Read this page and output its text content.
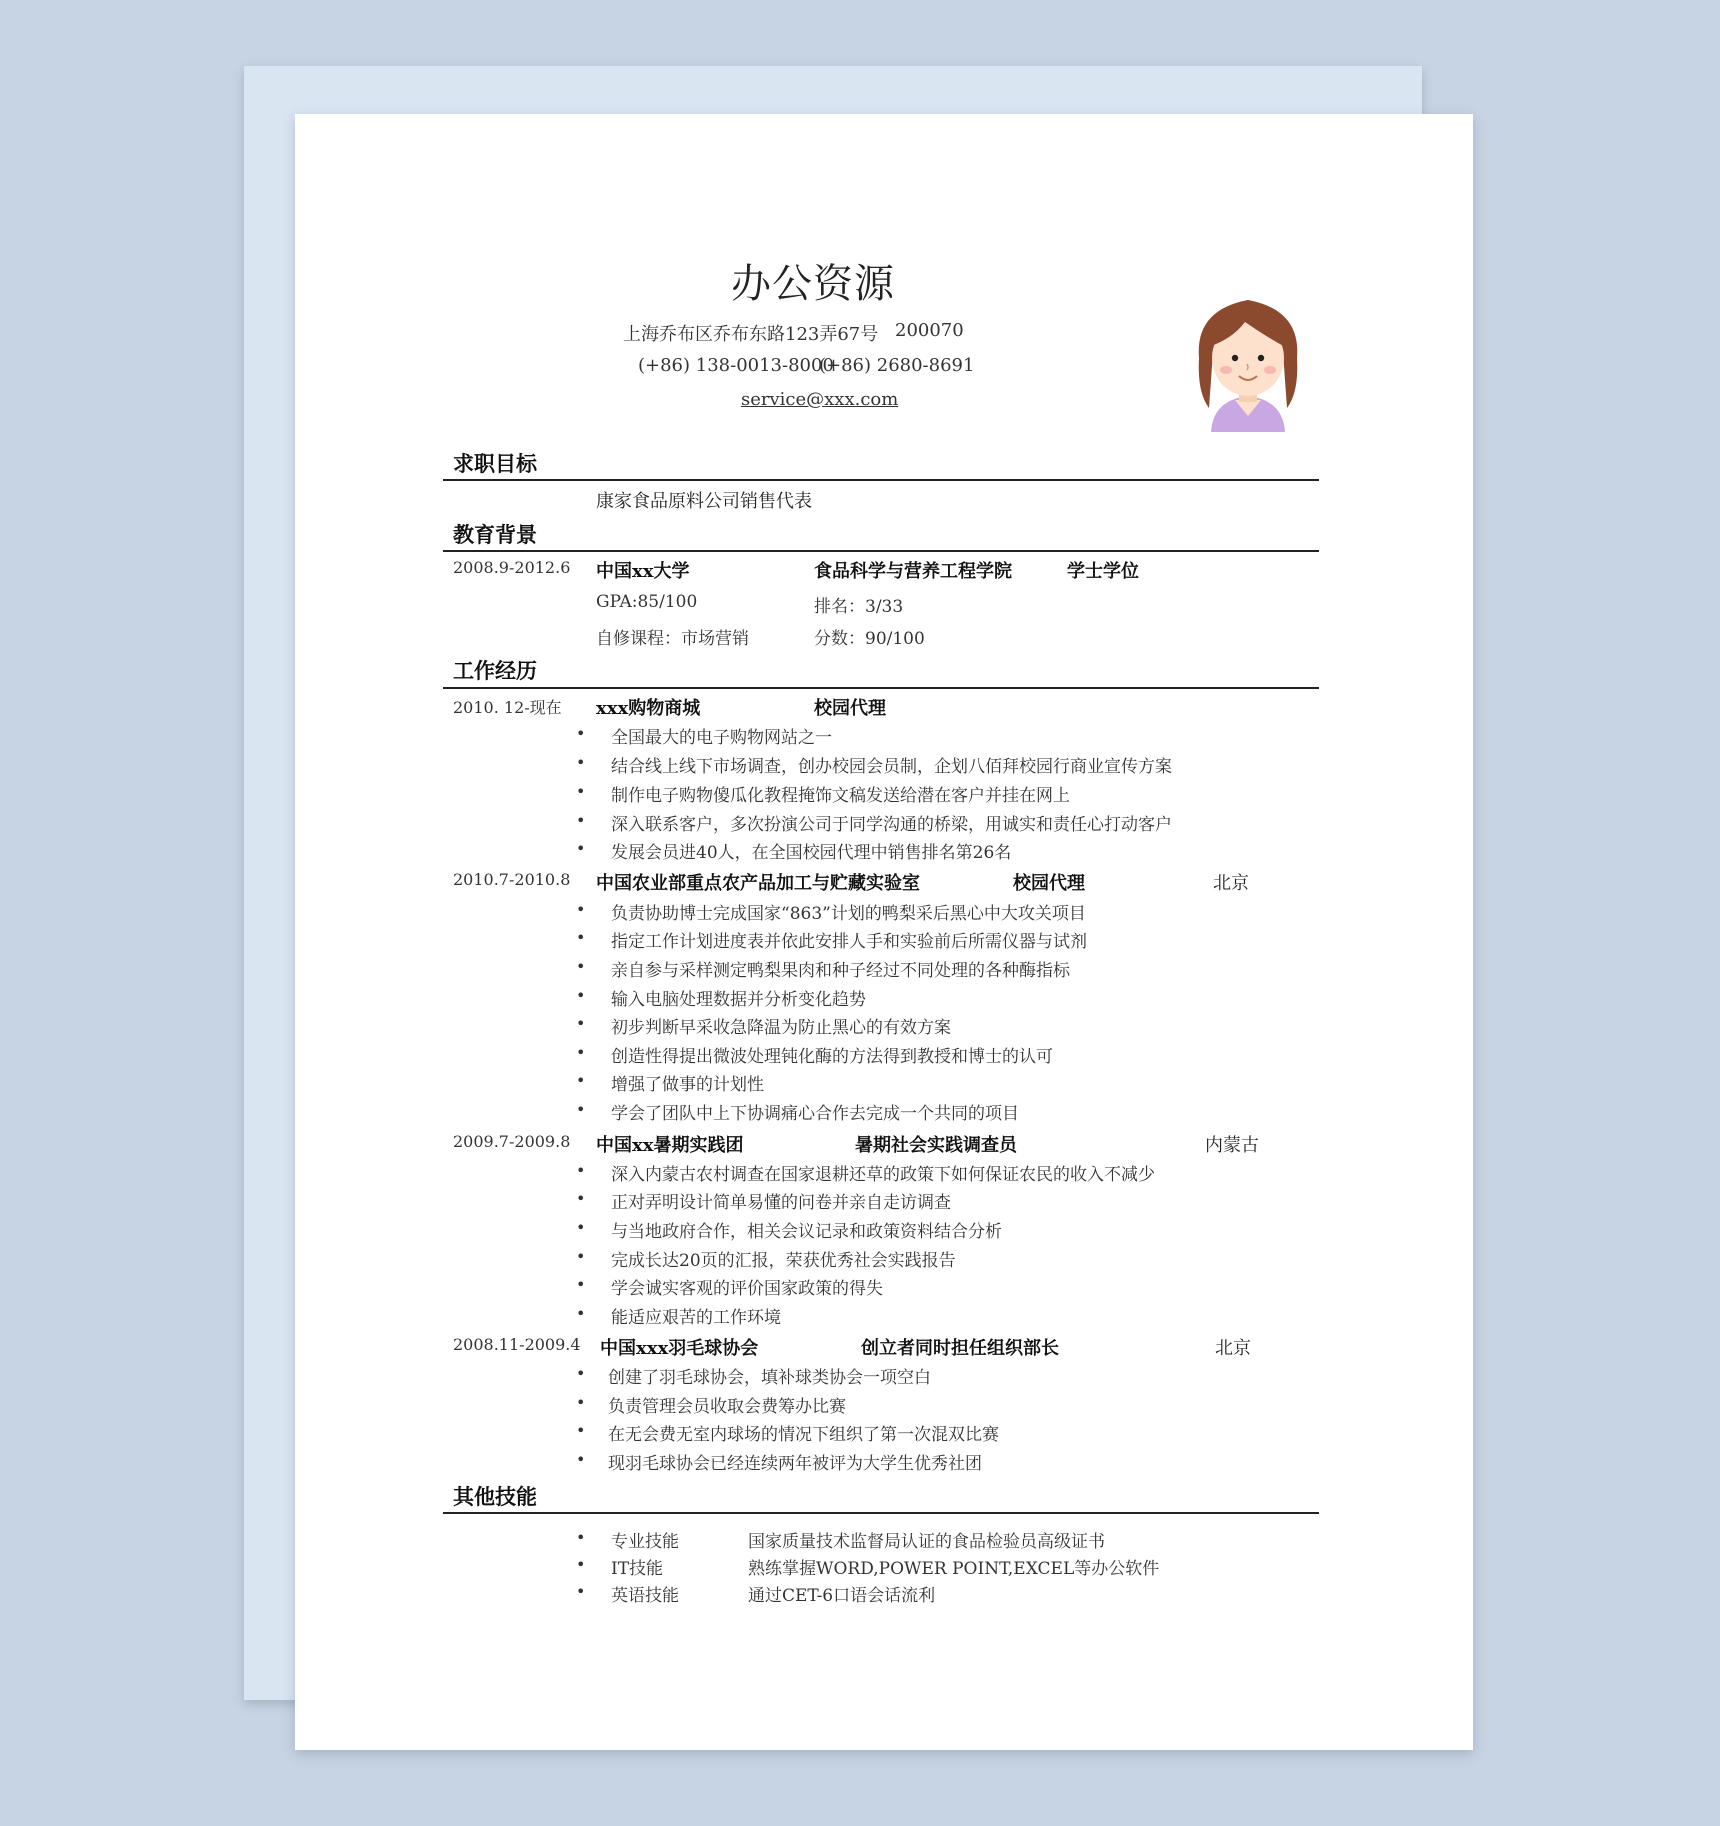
办公资源
上海乔布区乔布东路123弄67号 200070
(+86) 138-0013-8000
(+86) 2680-8691
service@xxx.com
求职目标
康家食品原料公司销售代表
教育背景
2008.9-2012.6 中国xx大学	食品科学与营养工程学院	学士学位
GPA:85/100	排名：3/33
自修课程：市场营销	分数：90/100
工作经历
2010. 12-现在 xxx购物商城	校园代理
• 全国最大的电子购物网站之一
• 结合线上线下市场调查，创办校园会员制，企划八佰拜校园行商业宣传方案
• 制作电子购物傻瓜化教程掩饰文稿发送给潜在客户并挂在网上
• 深入联系客户，多次扮演公司于同学沟通的桥梁，用诚实和责任心打动客户
• 发展会员进40人，在全国校园代理中销售排名第26名
2010.7-2010.8 中国农业部重点农产品加工与贮藏实验室	校园代理	北京
• 负责协助博士完成国家“863”计划的鸭梨采后黑心中大攻关项目
• 指定工作计划进度表并依此安排人手和实验前后所需仪器与试剂
• 亲自参与采样测定鸭梨果肉和种子经过不同处理的各种酶指标
• 输入电脑处理数据并分析变化趋势
• 初步判断早采收急降温为防止黑心的有效方案
• 创造性得提出微波处理钝化酶的方法得到教授和博士的认可
• 增强了做事的计划性
• 学会了团队中上下协调痛心合作去完成一个共同的项目
2009.7-2009.8 中国xx暑期实践团	暑期社会实践调查员	内蒙古
• 深入内蒙古农村调查在国家退耕还草的政策下如何保证农民的收入不减少
• 正对弄明设计简单易懂的问卷并亲自走访调查
• 与当地政府合作，相关会议记录和政策资料结合分析
• 完成长达20页的汇报，荣获优秀社会实践报告
• 学会诚实客观的评价国家政策的得失
• 能适应艰苦的工作环境
2008.11-2009.4 中国xxx羽毛球协会	创立者同时担任组织部长	北京
• 创建了羽毛球协会，填补球类协会一项空白
• 负责管理会员收取会费筹办比赛
• 在无会费无室内球场的情况下组织了第一次混双比赛
• 现羽毛球协会已经连续两年被评为大学生优秀社团
其他技能
• 专业技能	国家质量技术监督局认证的食品检验员高级证书
• IT技能	熟练掌握WORD,POWER POINT,EXCEL等办公软件
• 英语技能	通过CET-6口语会话流利
